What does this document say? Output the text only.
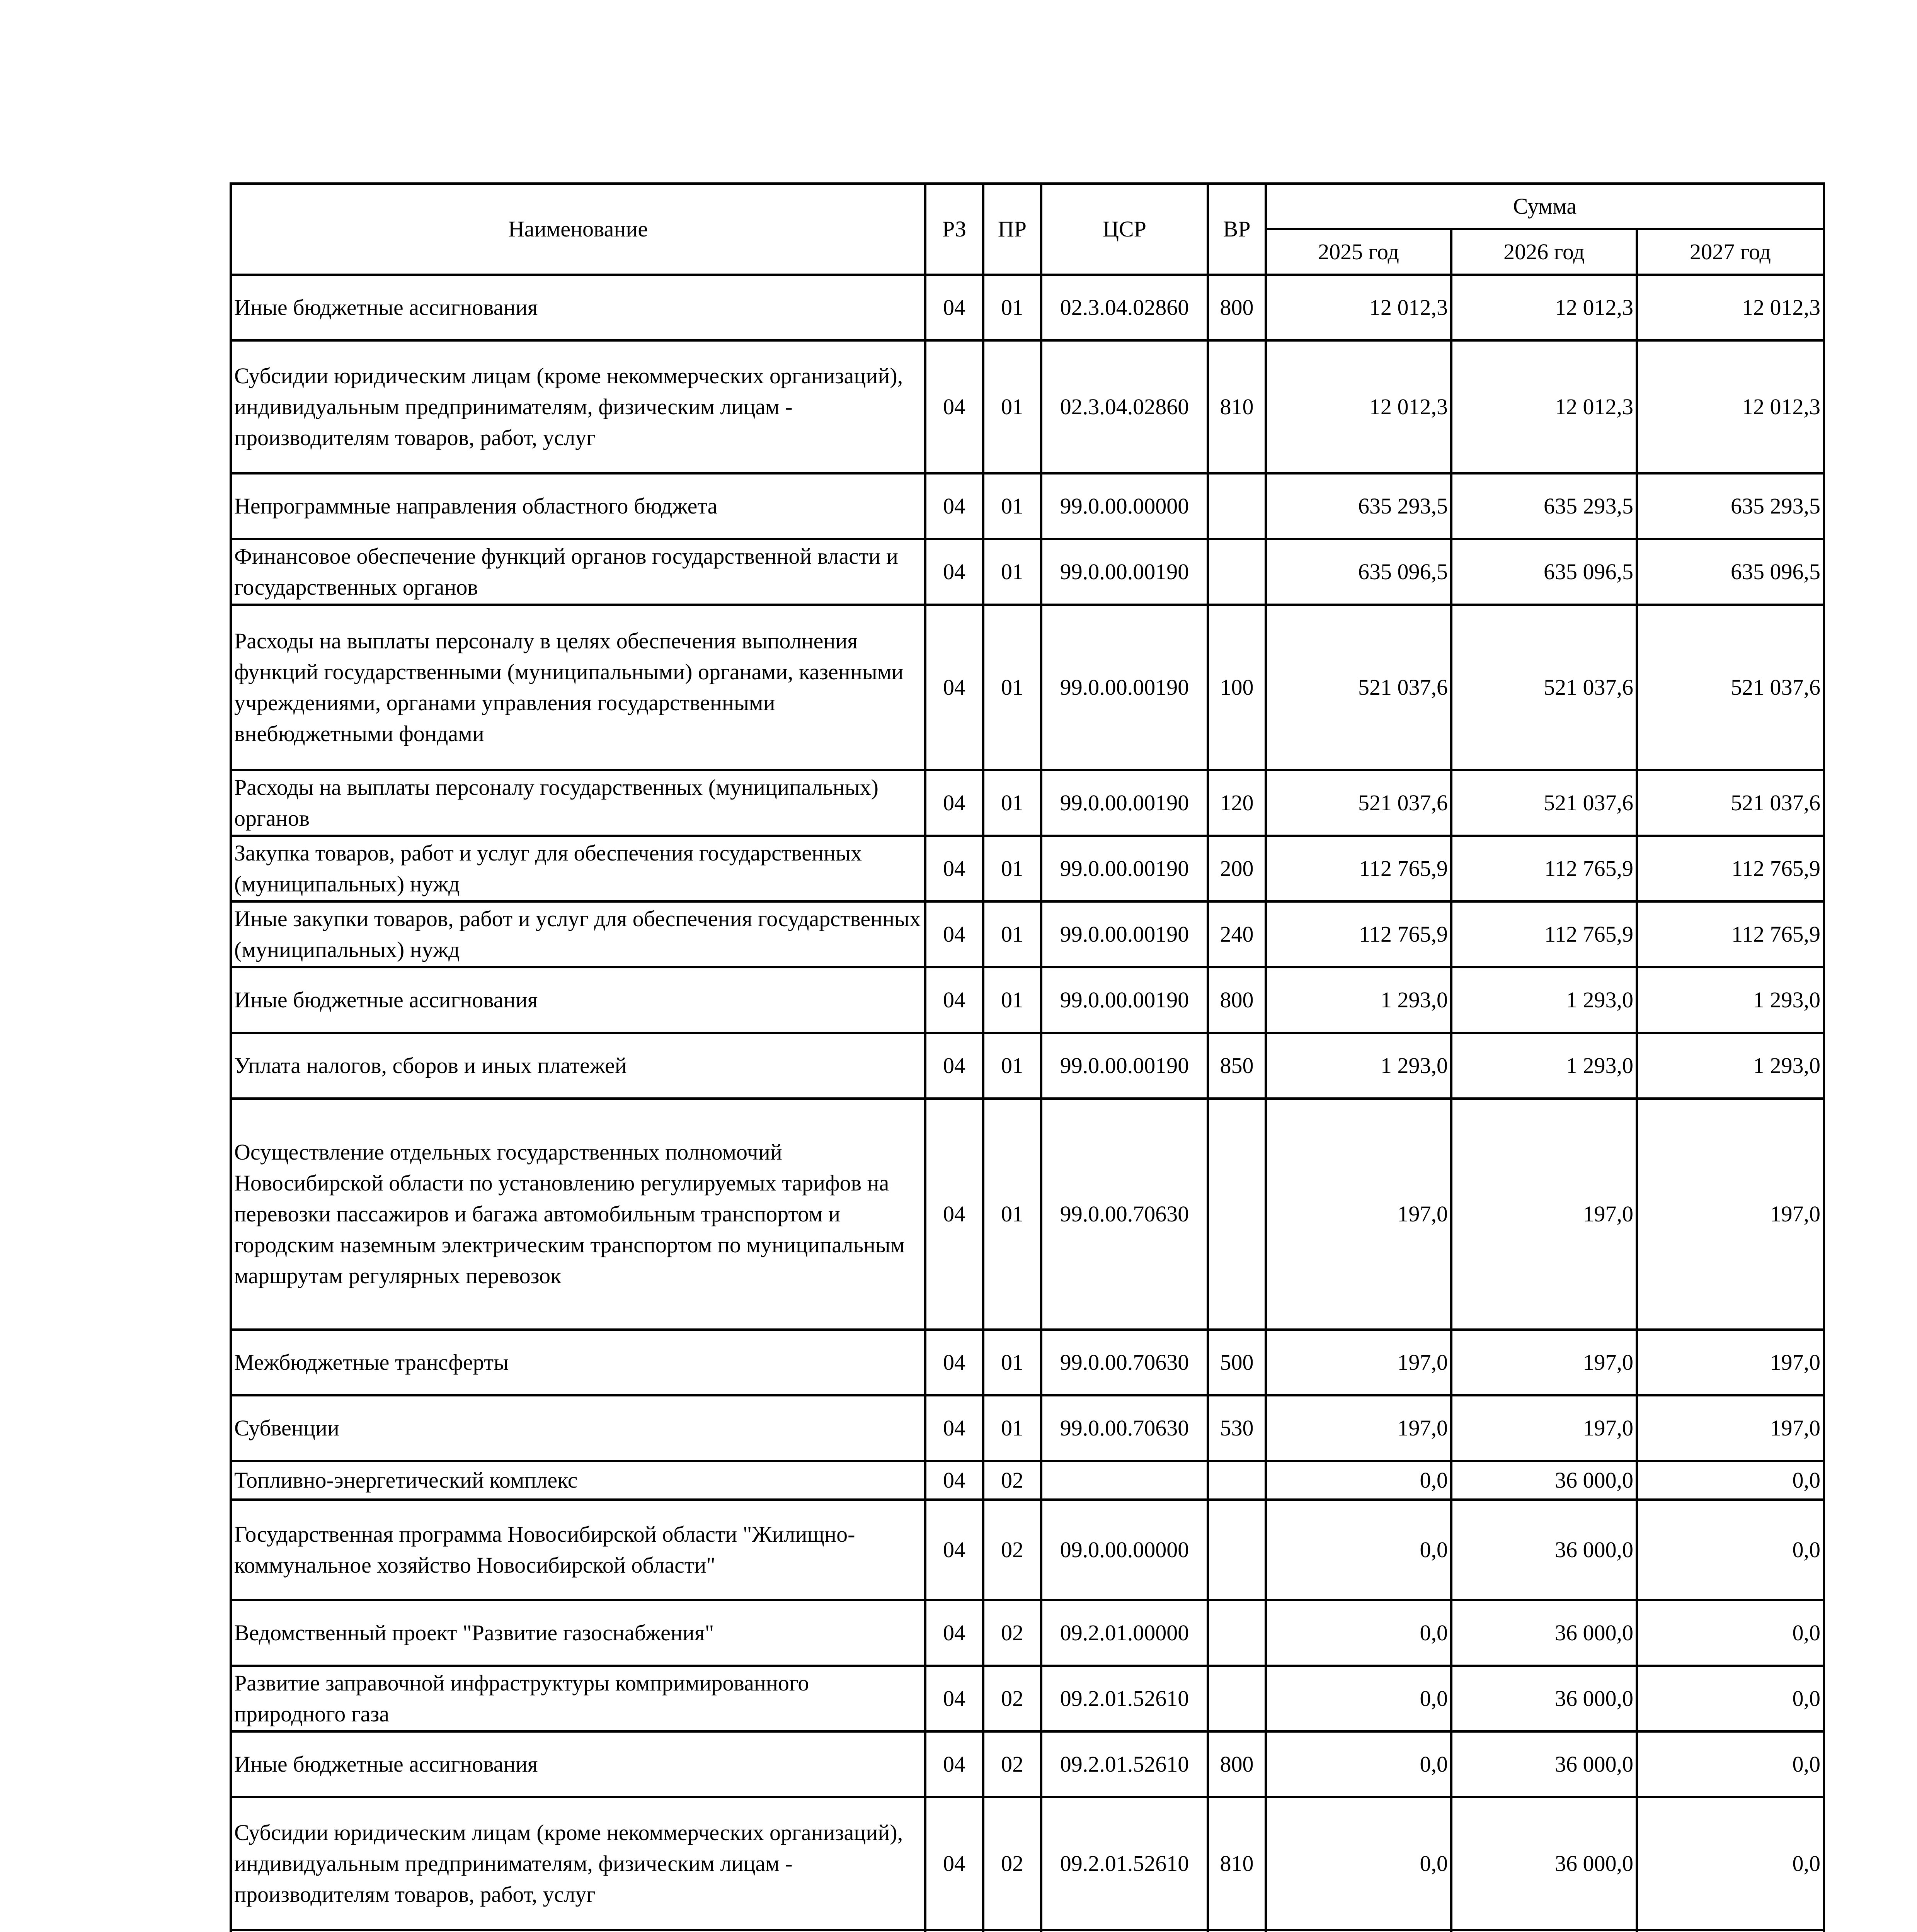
Наименование	РЗ	ПР	ЦСР	ВР	Сумма		
					2025 год	2026 год	2027 год
Иные бюджетные ассигнования	04	01	02.3.04.02860	800	12 012,3	12 012,3	12 012,3
Субсидии юридическим лицам (кроме некоммерческих организаций), индивидуальным предпринимателям, физическим лицам - производителям товаров, работ, услуг	04	01	02.3.04.02860	810	12 012,3	12 012,3	12 012,3
Непрограммные направления областного бюджета	04	01	99.0.00.00000		635 293,5	635 293,5	635 293,5
Финансовое обеспечение функций органов государственной власти и государственных органов	04	01	99.0.00.00190		635 096,5	635 096,5	635 096,5
Расходы на выплаты персоналу в целях обеспечения выполнения функций государственными (муниципальными) органами, казенными учреждениями, органами управления государственными внебюджетными фондами	04	01	99.0.00.00190	100	521 037,6	521 037,6	521 037,6
Расходы на выплаты персоналу государственных (муниципальных) органов	04	01	99.0.00.00190	120	521 037,6	521 037,6	521 037,6
Закупка товаров, работ и услуг для обеспечения государственных (муниципальных) нужд	04	01	99.0.00.00190	200	112 765,9	112 765,9	112 765,9
Иные закупки товаров, работ и услуг для обеспечения государственных (муниципальных) нужд	04	01	99.0.00.00190	240	112 765,9	112 765,9	112 765,9
Иные бюджетные ассигнования	04	01	99.0.00.00190	800	1 293,0	1 293,0	1 293,0
Уплата налогов, сборов и иных платежей	04	01	99.0.00.00190	850	1 293,0	1 293,0	1 293,0
Осуществление отдельных государственных полномочий Новосибирской области по установлению регулируемых тарифов на перевозки пассажиров и багажа автомобильным транспортом и городским наземным электрическим транспортом по муниципальным маршрутам регулярных перевозок	04	01	99.0.00.70630		197,0	197,0	197,0
Межбюджетные трансферты	04	01	99.0.00.70630	500	197,0	197,0	197,0
Субвенции	04	01	99.0.00.70630	530	197,0	197,0	197,0
Топливно-энергетический комплекс	04	02			0,0	36 000,0	0,0
Государственная программа Новосибирской области "Жилищно-коммунальное хозяйство Новосибирской области"	04	02	09.0.00.00000		0,0	36 000,0	0,0
Ведомственный проект "Развитие газоснабжения"	04	02	09.2.01.00000		0,0	36 000,0	0,0
Развитие заправочной инфраструктуры компримированного природного газа	04	02	09.2.01.52610		0,0	36 000,0	0,0
Иные бюджетные ассигнования	04	02	09.2.01.52610	800	0,0	36 000,0	0,0
Субсидии юридическим лицам (кроме некоммерческих организаций), индивидуальным предпринимателям, физическим лицам - производителям товаров, работ, услуг	04	02	09.2.01.52610	810	0,0	36 000,0	0,0
